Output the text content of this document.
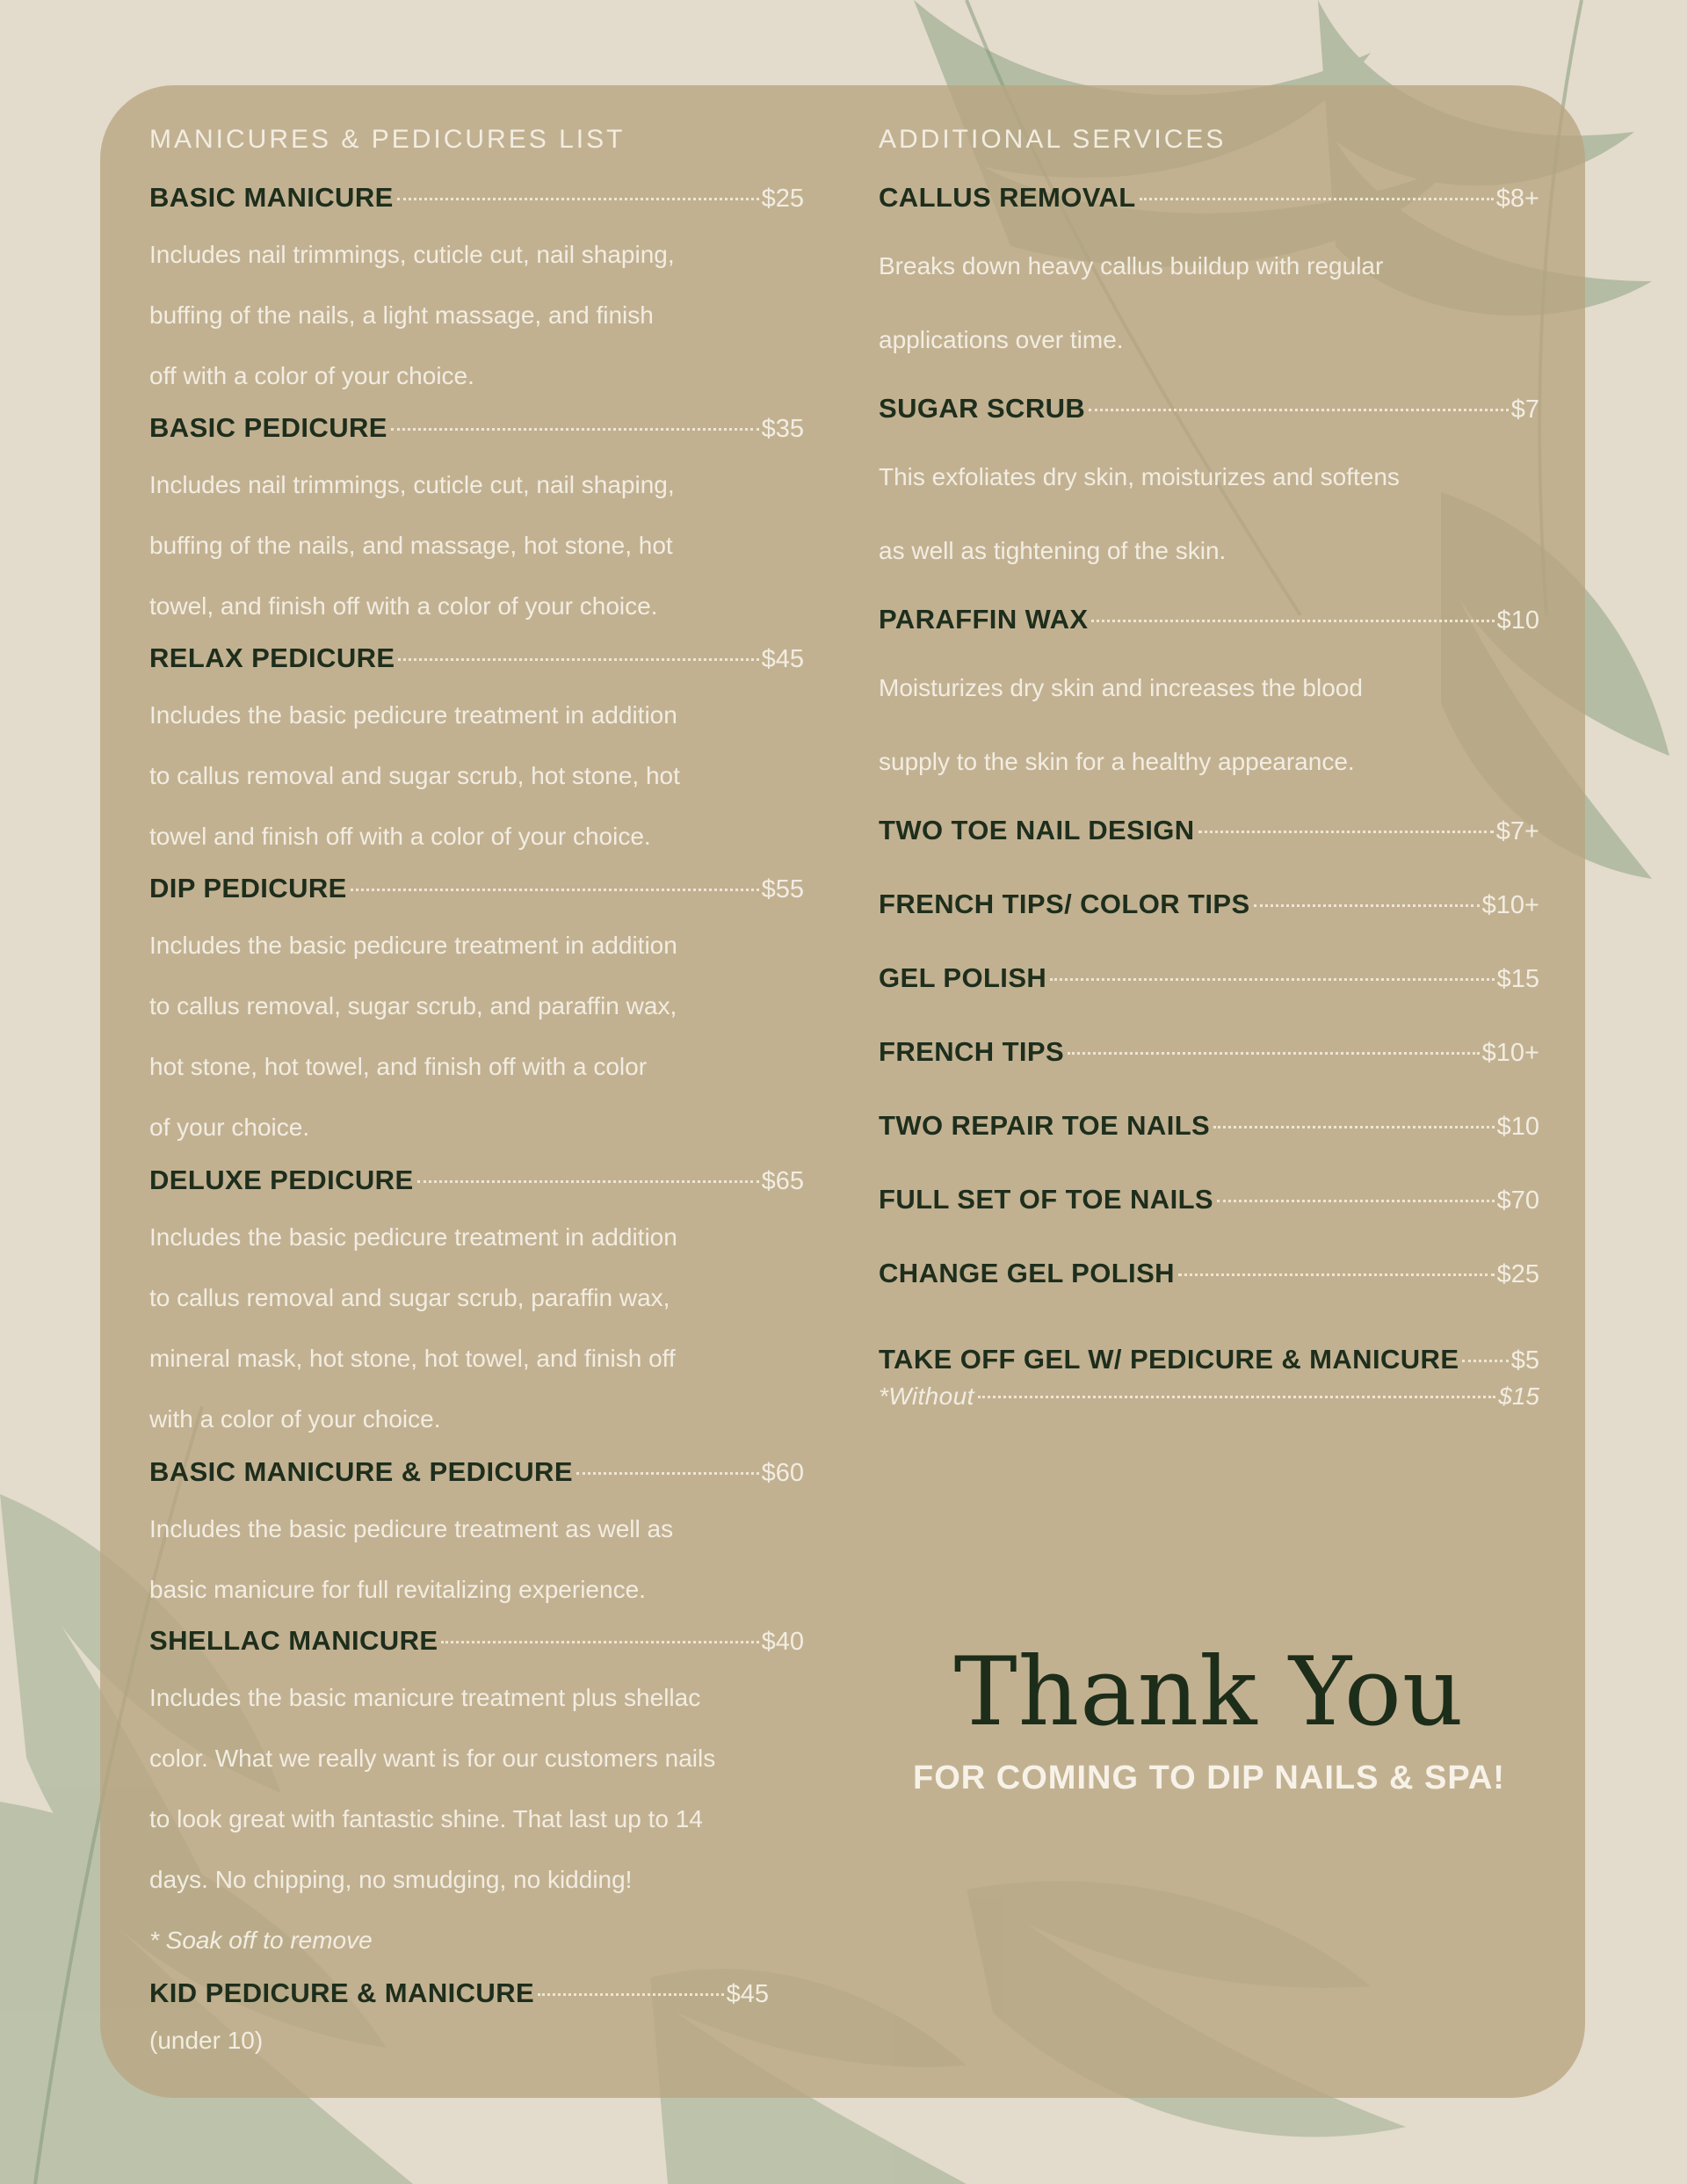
MANICURES & PEDICURES LIST
BASIC MANICURE	$25
Includes nail trimmings, cuticle cut, nail shaping,
buffing of the nails, a light massage, and finish
off with a color of your choice.
BASIC PEDICURE	$35
Includes nail trimmings, cuticle cut, nail shaping,
buffing of the nails, and massage, hot stone, hot
towel, and finish off with a color of your choice.
RELAX PEDICURE	$45
Includes the basic pedicure treatment in addition
to callus removal and sugar scrub, hot stone, hot
towel and finish off with a color of your choice.
DIP PEDICURE	$55
Includes the basic pedicure treatment in addition
to callus removal, sugar scrub, and paraffin wax,
hot stone, hot towel, and finish off with a color
of your choice.
DELUXE PEDICURE	$65
Includes the basic pedicure treatment in addition
to callus removal and sugar scrub, paraffin wax,
mineral mask, hot stone, hot towel, and finish off
with a color of your choice.
BASIC MANICURE & PEDICURE	$60
Includes the basic pedicure treatment as well as
basic manicure for full revitalizing experience.
SHELLAC MANICURE	$40
Includes the basic manicure treatment plus shellac
color. What we really want is for our customers nails
to look great with fantastic shine. That last up to 14
days. No chipping, no smudging, no kidding!
* Soak off to remove
KID PEDICURE & MANICURE	$45
(under 10)
ADDITIONAL SERVICES
CALLUS REMOVAL	$8+
Breaks down heavy callus buildup with regular
applications over time.
SUGAR SCRUB	$7
This exfoliates dry skin, moisturizes and softens
as well as tightening of the skin.
PARAFFIN WAX	$10
Moisturizes dry skin and increases the blood
supply to the skin for a healthy appearance.
TWO TOE NAIL DESIGN	$7+
FRENCH TIPS/ COLOR TIPS	$10+
GEL POLISH	$15
FRENCH TIPS	$10+
TWO REPAIR TOE NAILS	$10
FULL SET OF TOE NAILS	$70
CHANGE GEL POLISH	$25
TAKE OFF GEL W/ PEDICURE & MANICURE $5
*Without	$15
Thank You
FOR COMING TO DIP NAILS & SPA!
